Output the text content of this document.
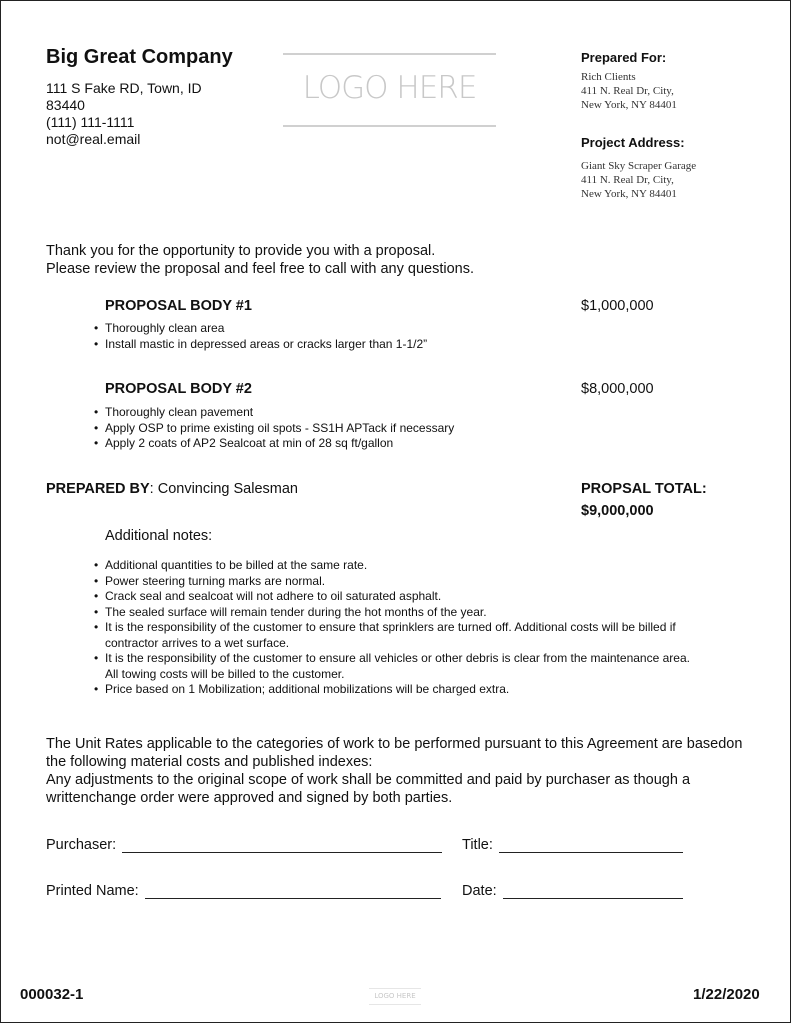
Big Great Company
111 S Fake RD, Town, ID
83440
(111) 111-1111
not@real.email
LOGO HERE
Prepared For:
Rich Clients
411 N. Real Dr, City,
New York, NY 84401
Project Address:
Giant Sky Scraper Garage
411 N. Real Dr, City,
New York, NY 84401
Thank you for the opportunity to provide you with a proposal.
Please review the proposal and feel free to call with any questions.
PROPOSAL BODY #1	$1,000,000
• Thoroughly clean area
• Install mastic in depressed areas or cracks larger than 1-1/2”
PROPOSAL BODY #2	$8,000,000
• Thoroughly clean pavement
• Apply OSP to prime existing oil spots - SS1H APTack if necessary
• Apply 2 coats of AP2 Sealcoat at min of 28 sq ft/gallon
PREPARED BY: Convincing Salesman	PROPSAL TOTAL:
$9,000,000
Additional notes:
• Additional quantities to be billed at the same rate.
• Power steering turning marks are normal.
• Crack seal and sealcoat will not adhere to oil saturated asphalt.
• The sealed surface will remain tender during the hot months of the year.
• It is the responsibility of the customer to ensure that sprinklers are turned off. Additional costs will be billed if contractor arrives to a wet surface.
• It is the responsibility of the customer to ensure all vehicles or other debris is clear from the maintenance area. All towing costs will be billed to the customer.
• Price based on 1 Mobilization; additional mobilizations will be charged extra.
The Unit Rates applicable to the categories of work to be performed pursuant to this Agreement are basedon the following material costs and published indexes:
Any adjustments to the original scope of work shall be committed and paid by purchaser as though a writtenchange order were approved and signed by both parties.
Purchaser:	Title:
Printed Name:	Date:
000032-1	LOGO HERE	1/22/2020
